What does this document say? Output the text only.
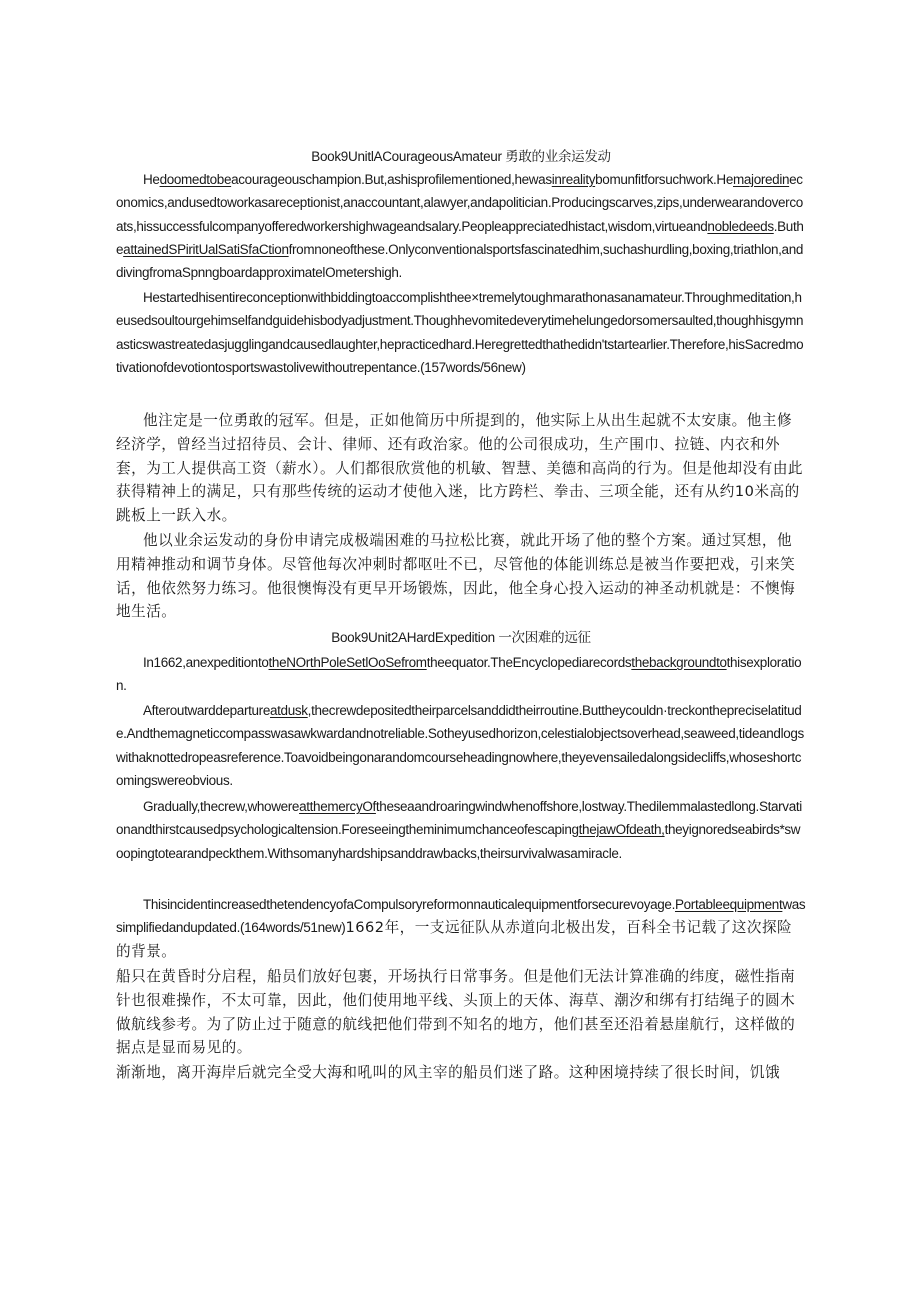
Book9UnitlACourageousAmateur 勇敢的业余运发动

Hedoomedtobeacourageouschampion.But,ashisprofilementioned,hewasinrealitybomunfitforsuchwork.Hemajoredineconomics,andusedtoworkasareceptionist,anaccountant,alawyer,andapolitician.Producingscarves,zips,underwearandovercoats,hissuccessfulcompanyofferedworkershighwageandsalary.Peopleappreciatedhistact,wisdom,virtueandnobledeeds.ButheattainedSPiritUalSatiSfaCtionfromnoneofthese.Onlyconventionalsportsfascinatedhim,suchashurdling,boxing,triathlon,anddivingfromaSpnngboardapproximatelOmetershigh.

Hestartedhisentireconceptionwithbiddingtoaccomplishthee×tremelytoughmarathonasanamateur.Throughmeditation,heusedsoultourgehimselfandguidehisbodyadjustment.Thoughhevomitedeverytimehelungedorsomersaulted,thoughhisgymnasticswastreatedasjugglingandcausedlaughter,hepracticedhard.Heregrettedthathedidn'tstartearlier.Therefore,hisSacredmotivationofdevotiontosportswastolivewithoutrepentance.(157words/56new)

他注定是一位勇敢的冠军。但是，正如他简历中所提到的，他实际上从出生起就不太安康。他主修经济学，曾经当过招待员、会计、律师、还有政治家。他的公司很成功，生产围巾、拉链、内衣和外套，为工人提供高工资（薪水）。人们都很欣赏他的机敏、智慧、美德和高尚的行为。但是他却没有由此获得精神上的满足，只有那些传统的运动才使他入迷，比方跨栏、拳击、三项全能，还有从约10米高的跳板上一跃入水。

他以业余运发动的身份申请完成极端困难的马拉松比赛，就此开场了他的整个方案。通过冥想，他用精神推动和调节身体。尽管他每次冲刺时都呕吐不已，尽管他的体能训练总是被当作要把戏，引来笑话，他依然努力练习。他很懊悔没有更早开场锻炼，因此，他全身心投入运动的神圣动机就是：不懊悔地生活。

Book9Unit2AHardExpedition 一次困难的远征

In1662,anexpeditiontotheNOrthPoleSetlOoSefromtheequator.TheEncyclopediarecordsthebackgroundtothisexploration.

Afteroutwarddepartureatdusk,thecrewdepositedtheirparcelsanddidtheirroutine.Buttheycouldn·treckonthepreciselatitude.Andthemagneticcompasswasawkwardandnotreliable.Sotheyusedhorizon,celestialobjectsoverhead,seaweed,tideandlogswithaknottedropeasreference.Toavoidbeingonarandomcourseheadingnowhere,theyevensailedalongsidecliffs,whoseshortcomingswereobvious.

Gradually,thecrew,whowereatthemercyOftheseaandroaringwindwhenoffshore,lostway.Thedilemmalastedlong.Starvationandthirstcausedpsychologicaltension.ForeseeingtheminimumchanceofescapingthejawOfdeath,theyignoredseabirds*swoopingtotearandpeckthem.Withsomanyhardshipsanddrawbacks,theirsurvivalwasamiracle.

ThisincidentincreasedthetendencyofaCompulsoryreformonnauticalequipmentforsecurevoyage.Portableequipmentwassimplifiedandupdated.(164words/51new)1662年，一支远征队从赤道向北极出发，百科全书记载了这次探险的背景。

船只在黄昏时分启程，船员们放好包裹，开场执行日常事务。但是他们无法计算准确的纬度，磁性指南针也很难操作，不太可靠，因此，他们使用地平线、头顶上的天体、海草、潮汐和绑有打结绳子的圆木做航线参考。为了防止过于随意的航线把他们带到不知名的地方，他们甚至还沿着悬崖航行，这样做的据点是显而易见的。

渐渐地，离开海岸后就完全受大海和吼叫的风主宰的船员们迷了路。这种困境持续了很长时间，饥饿
